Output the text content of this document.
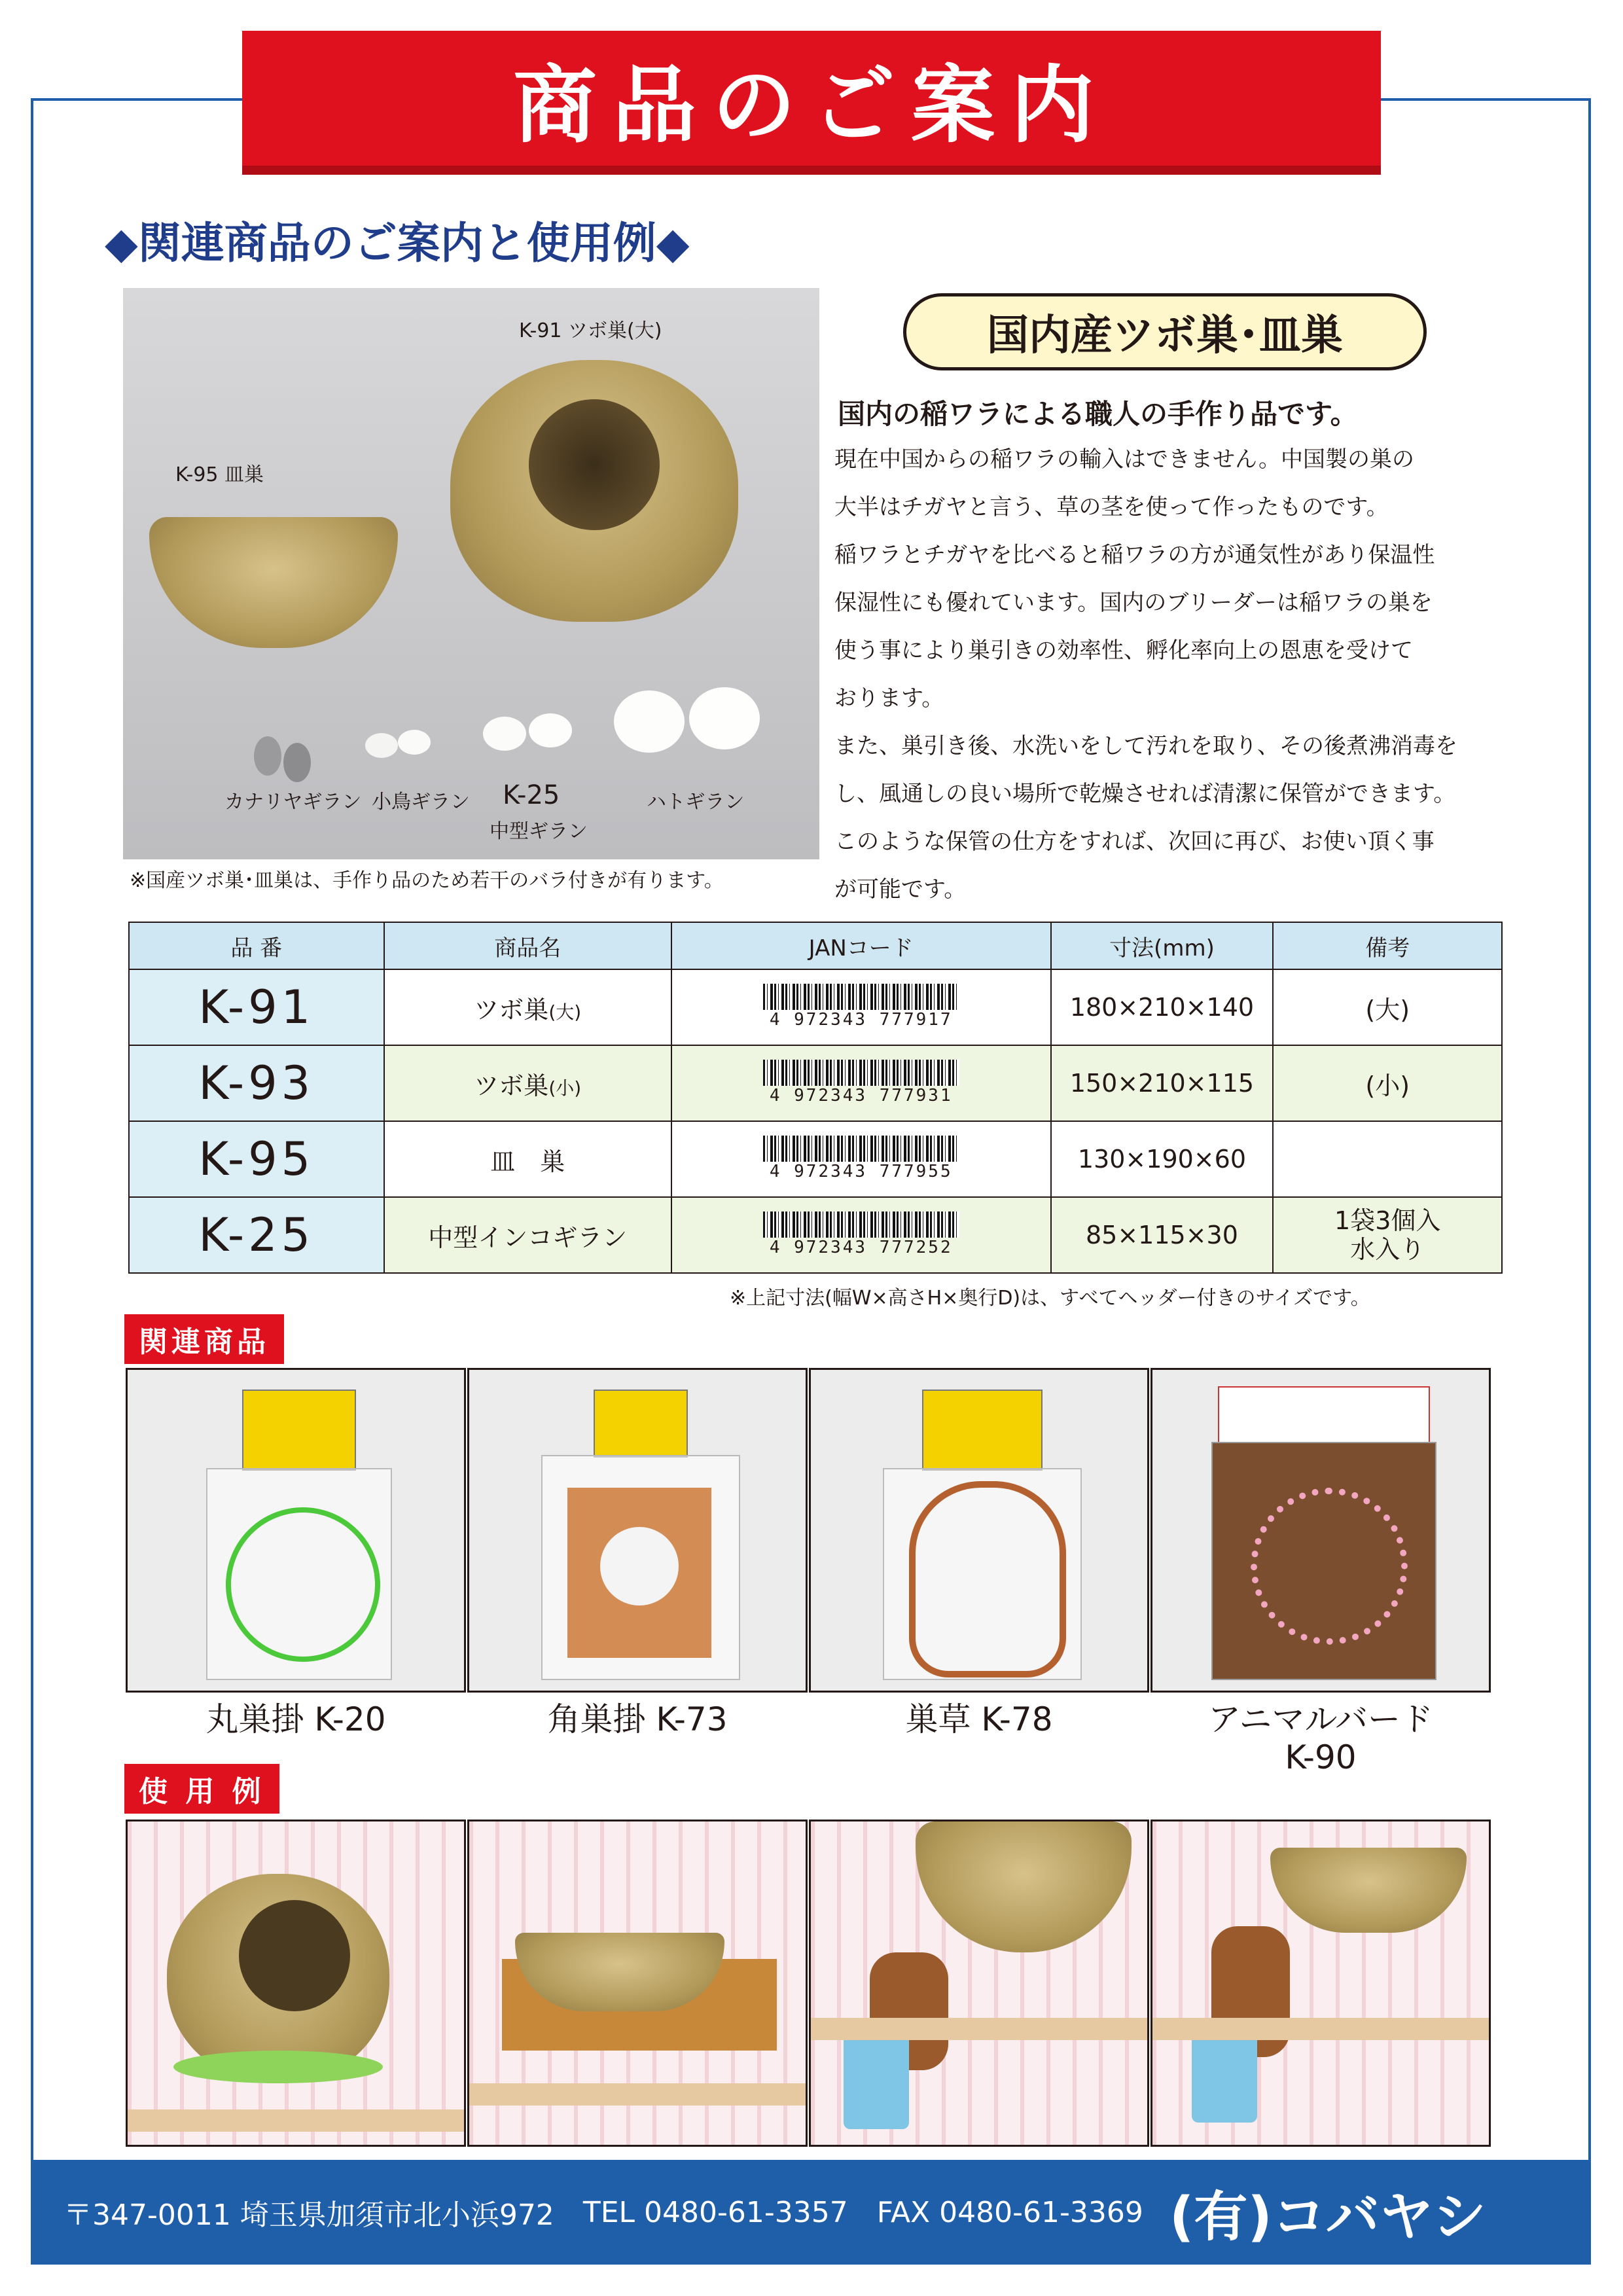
商品のご案内
◆関連商品のご案内と使用例◆
K-91 ツボ巣(大)
K-95 皿巣
カナリヤギラン 小鳥ギラン K-25
中型ギラン
ハトギラン
※国産ツボ巣･皿巣は、手作り品のため若干のバラ付きが有ります。
国内産ツボ巣･皿巣
国内の稲ワラによる職人の手作り品です。

現在中国からの稲ワラの輸入はできません。中国製の巣の

大半はチガヤと言う、草の茎を使って作ったものです。

稲ワラとチガヤを比べると稲ワラの方が通気性があり保温性

保湿性にも優れています。国内のブリーダーは稲ワラの巣を

使う事により巣引きの効率性、孵化率向上の恩恵を受けて

おります。

また、巣引き後、水洗いをして汚れを取り、その後煮沸消毒を

し、風通しの良い場所で乾燥させれば清潔に保管ができます。

このような保管の仕方をすれば、次回に再び、お使い頂く事

が可能です。

品 番	商品名	JANコード	寸法(mm)	備考
K-91	ツボ巣(大)	4 972343 777917	180×210×140	(大)

K-93	ツボ巣(小)	4 972343 777931	150×210×115	(小)

K-95	皿　巣	4 972343 777955	130×190×60	

K-25	中型インコギラン	4 972343 777252	85×115×30	1袋3個入
水入り
※上記寸法(幅W×高さH×奥行D)は、すべてヘッダー付きのサイズです。
関連商品
丸巣掛 K-20	角巣掛 K-73	巣草 K-78	アニマルバード
K-90
使 用 例
〒347-0011 埼玉県加須市北小浜972 TEL 0480-61-3357 FAX 0480-61-3369 (有)コバヤシ
